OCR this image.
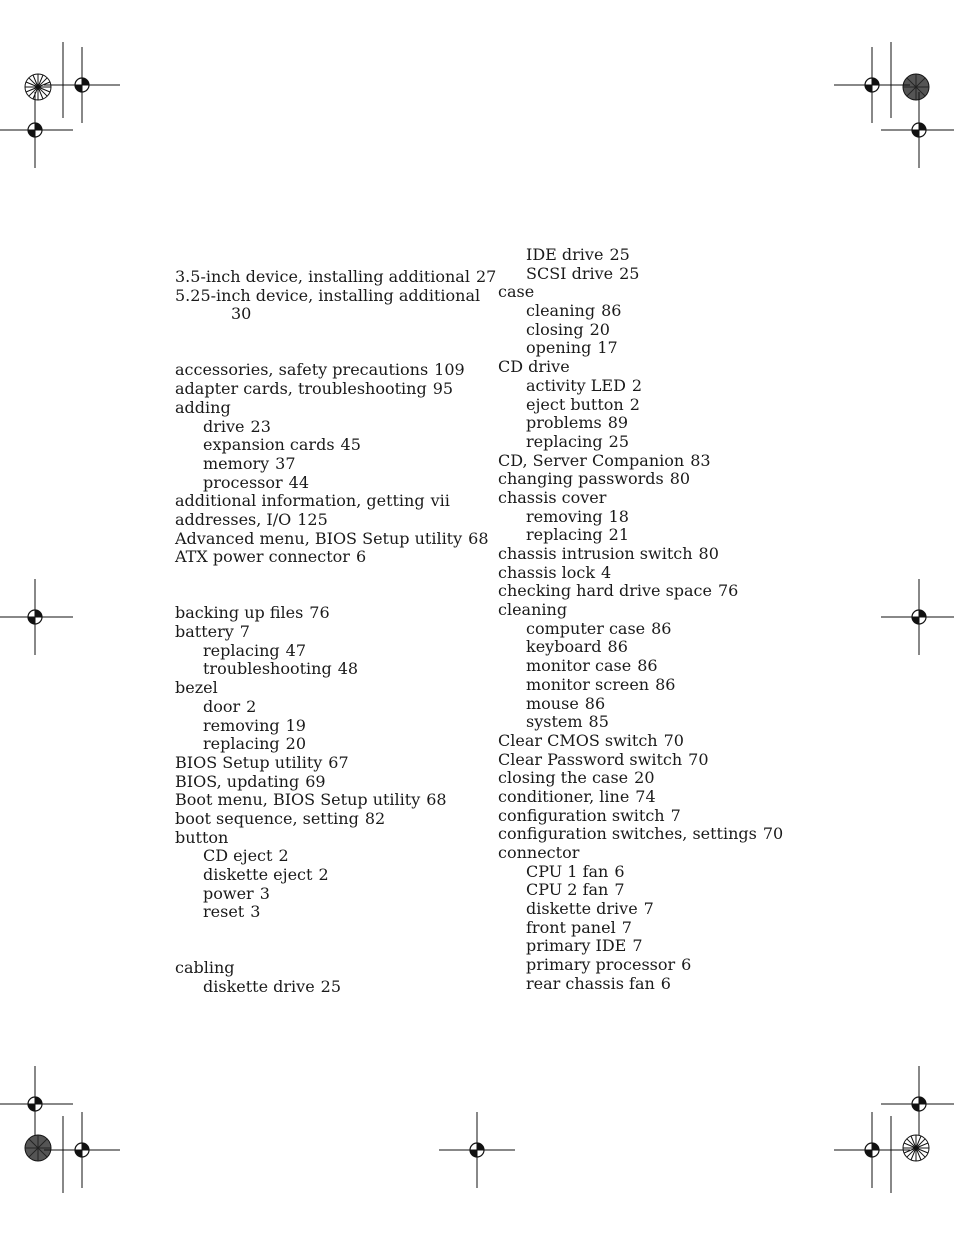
3.5-inch device, installing additional 27
5.25-inch device, installing additional
30
accessories, safety precautions 109
adapter cards, troubleshooting 95
adding
drive 23
expansion cards 45
memory 37
processor 44
additional information, getting vii
addresses, I/O 125
Advanced menu, BIOS Setup utility 68
ATX power connector 6
backing up files 76
battery 7
replacing 47
troubleshooting 48
bezel
door 2
removing 19
replacing 20
BIOS Setup utility 67
BIOS, updating 69
Boot menu, BIOS Setup utility 68
boot sequence, setting 82
button
CD eject 2
diskette eject 2
power 3
reset 3
cabling
diskette drive 25
IDE drive 25
SCSI drive 25
case
cleaning 86
closing 20
opening 17
CD drive
activity LED 2
eject button 2
problems 89
replacing 25
CD, Server Companion 83
changing passwords 80
chassis cover
removing 18
replacing 21
chassis intrusion switch 80
chassis lock 4
checking hard drive space 76
cleaning
computer case 86
keyboard 86
monitor case 86
monitor screen 86
mouse 86
system 85
Clear CMOS switch 70
Clear Password switch 70
closing the case 20
conditioner, line 74
configuration switch 7
configuration switches, settings 70
connector
CPU 1 fan 6
CPU 2 fan 7
diskette drive 7
front panel 7
primary IDE 7
primary processor 6
rear chassis fan 6
